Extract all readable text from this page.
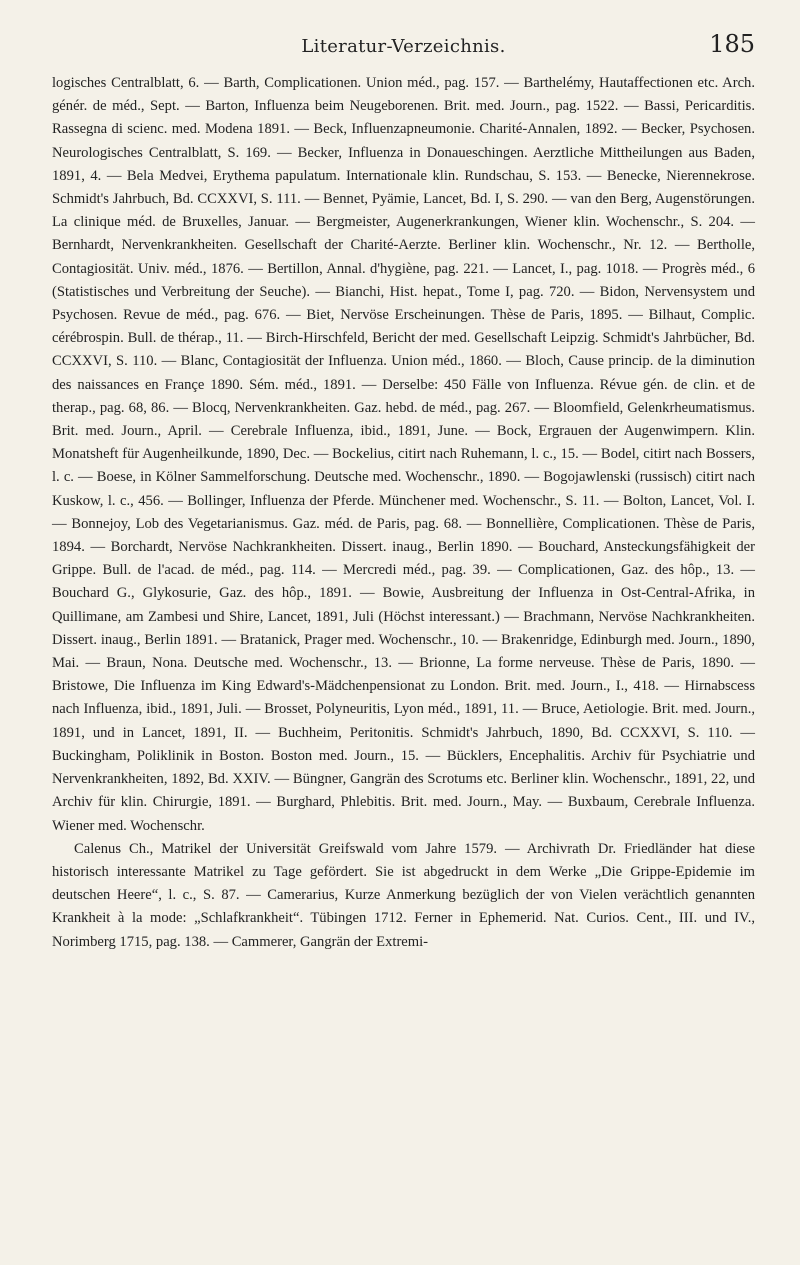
Literatur-Verzeichnis.	185
logisches Centralblatt, 6. — Barth, Complicationen. Union méd., pag. 157. — Barthelémy, Hautaffectionen etc. Arch. génér. de méd., Sept. — Barton, Influenza beim Neugeborenen. Brit. med. Journ., pag. 1522. — Bassi, Pericarditis. Rassegna di scienc. med. Modena 1891. — Beck, Influenzapneumonie. Charité-Annalen, 1892. — Becker, Psychosen. Neurologisches Centralblatt, S. 169. — Becker, Influenza in Donaueschingen. Aerztliche Mittheilungen aus Baden, 1891, 4. — Bela Medvei, Erythema papulatum. Internationale klin. Rundschau, S. 153. — Benecke, Nierennekrose. Schmidt's Jahrbuch, Bd. CCXXVI, S. 111. — Bennet, Pyämie, Lancet, Bd. I, S. 290. — van den Berg, Augenstörungen. La clinique méd. de Bruxelles, Januar. — Bergmeister, Augenerkrankungen, Wiener klin. Wochenschr., S. 204. — Bernhardt, Nervenkrankheiten. Gesellschaft der Charité-Aerzte. Berliner klin. Wochenschr., Nr. 12. — Bertholle, Contagiosität. Univ. méd., 1876. — Bertillon, Annal. d'hygiène, pag. 221. — Lancet, I., pag. 1018. — Progrès méd., 6 (Statistisches und Verbreitung der Seuche). — Bianchi, Hist. hepat., Tome I, pag. 720. — Bidon, Nervensystem und Psychosen. Revue de méd., pag. 676. — Biet, Nervöse Erscheinungen. Thèse de Paris, 1895. — Bilhaut, Complic. cérébrospin. Bull. de thérap., 11. — Birch-Hirschfeld, Bericht der med. Gesellschaft Leipzig. Schmidt's Jahrbücher, Bd. CCXXVI, S. 110. — Blanc, Contagiosität der Influenza. Union méd., 1860. — Bloch, Cause princip. de la diminution des naissances en Françe 1890. Sém. méd., 1891. — Derselbe: 450 Fälle von Influenza. Révue gén. de clin. et de therap., pag. 68, 86. — Blocq, Nervenkrankheiten. Gaz. hebd. de méd., pag. 267. — Bloomfield, Gelenkrheumatismus. Brit. med. Journ., April. — Cerebrale Influenza, ibid., 1891, June. — Bock, Ergrauen der Augenwimpern. Klin. Monatsheft für Augenheilkunde, 1890, Dec. — Bockelius, citirt nach Ruhemann, l. c., 15. — Bodel, citirt nach Bossers, l. c. — Boese, in Kölner Sammelforschung. Deutsche med. Wochenschr., 1890. — Bogojawlenski (russisch) citirt nach Kuskow, l. c., 456. — Bollinger, Influenza der Pferde. Münchener med. Wochenschr., S. 11. — Bolton, Lancet, Vol. I. — Bonnejoy, Lob des Vegetarianismus. Gaz. méd. de Paris, pag. 68. — Bonnellière, Complicationen. Thèse de Paris, 1894. — Borchardt, Nervöse Nachkrankheiten. Dissert. inaug., Berlin 1890. — Bouchard, Ansteckungsfähigkeit der Grippe. Bull. de l'acad. de méd., pag. 114. — Mercredi méd., pag. 39. — Complicationen, Gaz. des hôp., 13. — Bouchard G., Glykosurie, Gaz. des hôp., 1891. — Bowie, Ausbreitung der Influenza in Ost-Central-Afrika, in Quillimane, am Zambesi und Shire, Lancet, 1891, Juli (Höchst interessant.) — Brachmann, Nervöse Nachkrankheiten. Dissert. inaug., Berlin 1891. — Bratanick, Prager med. Wochenschr., 10. — Brakenridge, Edinburgh med. Journ., 1890, Mai. — Braun, Nona. Deutsche med. Wochenschr., 13. — Brionne, La forme nerveuse. Thèse de Paris, 1890. — Bristowe, Die Influenza im King Edward's-Mädchenpensionat zu London. Brit. med. Journ., I., 418. — Hirnabscess nach Influenza, ibid., 1891, Juli. — Brosset, Polyneuritis, Lyon méd., 1891, 11. — Bruce, Aetiologie. Brit. med. Journ., 1891, und in Lancet, 1891, II. — Buchheim, Peritonitis. Schmidt's Jahrbuch, 1890, Bd. CCXXVI, S. 110. — Buckingham, Poliklinik in Boston. Boston med. Journ., 15. — Bücklers, Encephalitis. Archiv für Psychiatrie und Nervenkrankheiten, 1892, Bd. XXIV. — Büngner, Gangrän des Scrotums etc. Berliner klin. Wochenschr., 1891, 22, und Archiv für klin. Chirurgie, 1891. — Burghard, Phlebitis. Brit. med. Journ., May. — Buxbaum, Cerebrale Influenza. Wiener med. Wochenschr.
Calenus Ch., Matrikel der Universität Greifswald vom Jahre 1579. — Archivrath Dr. Friedländer hat diese historisch interessante Matrikel zu Tage gefördert. Sie ist abgedruckt in dem Werke „Die Grippe-Epidemie im deutschen Heere“, l. c., S. 87. — Camerarius, Kurze Anmerkung bezüglich der von Vielen verächtlich genannten Krankheit à la mode: „Schlafkrankheit“. Tübingen 1712. Ferner in Ephemerid. Nat. Curios. Cent., III. und IV., Norimberg 1715, pag. 138. — Cammerer, Gangrän der Extremi-
